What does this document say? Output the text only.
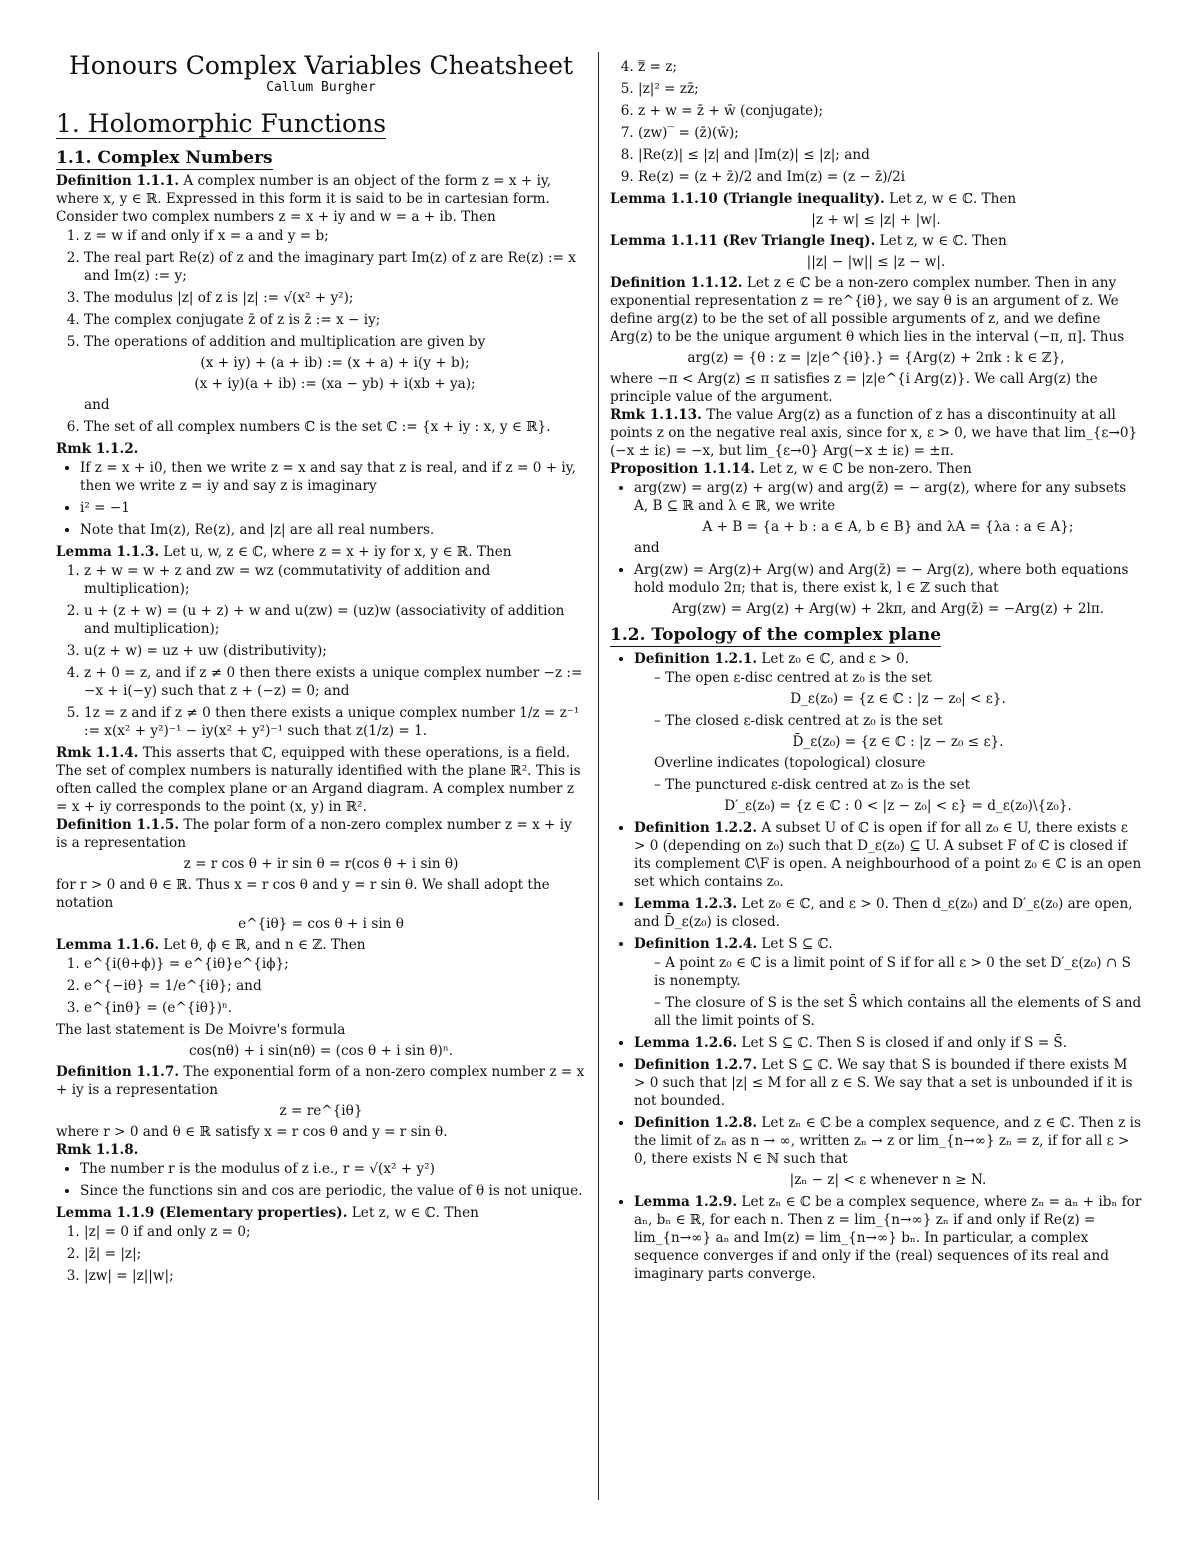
Honours Complex Variables Cheatsheet

Callum Burgher

1. Holomorphic Functions
1.1. Complex Numbers

Definition 1.1.1. A complex number is an object of the form z = x + iy, where x, y ∈ ℝ. Expressed in this form it is said to be in cartesian form. Consider two complex numbers z = x + iy and w = a + ib. Then

1. z = w if and only if x = a and y = b;
2. The real part Re(z) of z and the imaginary part Im(z) of z are Re(z) := x and Im(z) := y;
3. The modulus |z| of z is |z| := √(x² + y²);
4. The complex conjugate z̄ of z is z̄ := x − iy;
5. The operations of addition and multiplication are given by
(x + iy) + (a + ib) := (x + a) + i(y + b);
(x + iy)(a + ib) := (xa − yb) + i(xb + ya);
and
6. The set of all complex numbers ℂ is the set ℂ := {x + iy : x, y ∈ ℝ}.

Rmk 1.1.2.

• If z = x + i0, then we write z = x and say that z is real, and if z = 0 + iy, then we write z = iy and say z is imaginary
• i² = −1
• Note that Im(z), Re(z), and |z| are all real numbers.

Lemma 1.1.3. Let u, w, z ∈ ℂ, where z = x + iy for x, y ∈ ℝ. Then

1. z + w = w + z and zw = wz (commutativity of addition and multiplication);
2. u + (z + w) = (u + z) + w and u(zw) = (uz)w (associativity of addition and multiplication);
3. u(z + w) = uz + uw (distributivity);
4. z + 0 = z, and if z ≠ 0 then there exists a unique complex number −z := −x + i(−y) such that z + (−z) = 0; and
5. 1z = z and if z ≠ 0 then there exists a unique complex number 1/z = z⁻¹ := x(x² + y²)⁻¹ − iy(x² + y²)⁻¹ such that z(1/z) = 1.

Rmk 1.1.4. This asserts that ℂ, equipped with these operations, is a field. The set of complex numbers is naturally identified with the plane ℝ². This is often called the complex plane or an Argand diagram. A complex number z = x + iy corresponds to the point (x, y) in ℝ².

Definition 1.1.5. The polar form of a non-zero complex number z = x + iy is a representation

z = r cos θ + ir sin θ = r(cos θ + i sin θ)

for r > 0 and θ ∈ ℝ. Thus x = r cos θ and y = r sin θ. We shall adopt the notation

e^{iθ} = cos θ + i sin θ

Lemma 1.1.6. Let θ, ϕ ∈ ℝ, and n ∈ ℤ. Then

1. e^{i(θ+ϕ)} = e^{iθ}e^{iϕ};
2. e^{−iθ} = 1/e^{iθ}; and
3. e^{inθ} = (e^{iθ})ⁿ.

The last statement is De Moivre's formula

cos(nθ) + i sin(nθ) = (cos θ + i sin θ)ⁿ.

Definition 1.1.7. The exponential form of a non-zero complex number z = x + iy is a representation

z = re^{iθ}

where r > 0 and θ ∈ ℝ satisfy x = r cos θ and y = r sin θ.

Rmk 1.1.8.

• The number r is the modulus of z i.e., r = √(x² + y²)
• Since the functions sin and cos are periodic, the value of θ is not unique.

Lemma 1.1.9 (Elementary properties). Let z, w ∈ ℂ. Then

1. |z| = 0 if and only z = 0;
2. |z̄| = |z|;
3. |zw| = |z||w|;
4. z̿ = z;
5. |z|² = zz̄;
6. z + w = z̄ + w̄ (conjugate);
7. (zw)‾ = (z̄)(w̄);
8. |Re(z)| ≤ |z| and |Im(z)| ≤ |z|; and
9. Re(z) = (z + z̄)/2 and Im(z) = (z − z̄)/2i

Lemma 1.1.10 (Triangle inequality). Let z, w ∈ ℂ. Then

|z + w| ≤ |z| + |w|.

Lemma 1.1.11 (Rev Triangle Ineq). Let z, w ∈ ℂ. Then

||z| − |w|| ≤ |z − w|.

Definition 1.1.12. Let z ∈ ℂ be a non-zero complex number. Then in any exponential representation z = re^{iθ}, we say θ is an argument of z. We define arg(z) to be the set of all possible arguments of z, and we define Arg(z) to be the unique argument θ which lies in the interval (−π, π]. Thus

arg(z) = {θ : z = |z|e^{iθ}.} = {Arg(z) + 2πk : k ∈ ℤ},

where −π < Arg(z) ≤ π satisfies z = |z|e^{i Arg(z)}. We call Arg(z) the principle value of the argument.

Rmk 1.1.13. The value Arg(z) as a function of z has a discontinuity at all points z on the negative real axis, since for x, ε > 0, we have that lim_{ε→0}(−x ± iε) = −x, but lim_{ε→0} Arg(−x ± iε) = ±π.

Proposition 1.1.14. Let z, w ∈ ℂ be non-zero. Then

• arg(zw) = arg(z) + arg(w) and arg(z̄) = − arg(z), where for any subsets A, B ⊆ ℝ and λ ∈ ℝ, we write
A + B = {a + b : a ∈ A, b ∈ B} and λA = {λa : a ∈ A};
and
• Arg(zw) = Arg(z)+ Arg(w) and Arg(z̄) = − Arg(z), where both equations hold modulo 2π; that is, there exist k, l ∈ ℤ such that
Arg(zw) = Arg(z) + Arg(w) + 2kπ, and Arg(z̄) = −Arg(z) + 2lπ.
1.2. Topology of the complex plane
• Definition 1.2.1. Let z₀ ∈ ℂ, and ε > 0.
– The open ε-disc centred at z₀ is the set
D_ε(z₀) = {z ∈ ℂ : |z − z₀| < ε}.
– The closed ε-disk centred at z₀ is the set
D̄_ε(z₀) = {z ∈ ℂ : |z − z₀ ≤ ε}.
Overline indicates (topological) closure
– The punctured ε-disk centred at z₀ is the set
D′_ε(z₀) = {z ∈ ℂ : 0 < |z − z₀| < ε} = d_ε(z₀)\{z₀}.
• Definition 1.2.2. A subset U of ℂ is open if for all z₀ ∈ U, there exists ε > 0 (depending on z₀) such that D_ε(z₀) ⊆ U. A subset F of ℂ is closed if its complement ℂ\F is open. A neighbourhood of a point z₀ ∈ ℂ is an open set which contains z₀.
• Lemma 1.2.3. Let z₀ ∈ ℂ, and ε > 0. Then d_ε(z₀) and D′_ε(z₀) are open, and D̄_ε(z₀) is closed.
• Definition 1.2.4. Let S ⊆ ℂ.
– A point z₀ ∈ ℂ is a limit point of S if for all ε > 0 the set D′_ε(z₀) ∩ S is nonempty.
– The closure of S is the set S̄ which contains all the elements of S and all the limit points of S.
• Lemma 1.2.6. Let S ⊆ ℂ. Then S is closed if and only if S = S̄.
• Definition 1.2.7. Let S ⊆ ℂ. We say that S is bounded if there exists M > 0 such that |z| ≤ M for all z ∈ S. We say that a set is unbounded if it is not bounded.
• Definition 1.2.8. Let zₙ ∈ ℂ be a complex sequence, and z ∈ ℂ. Then z is the limit of zₙ as n → ∞, written zₙ → z or lim_{n→∞} zₙ = z, if for all ε > 0, there exists N ∈ ℕ such that
|zₙ − z| < ε whenever n ≥ N.
• Lemma 1.2.9. Let zₙ ∈ ℂ be a complex sequence, where zₙ = aₙ + ibₙ for aₙ, bₙ ∈ ℝ, for each n. Then z = lim_{n→∞} zₙ if and only if Re(z) = lim_{n→∞} aₙ and Im(z) = lim_{n→∞} bₙ. In particular, a complex sequence converges if and only if the (real) sequences of its real and imaginary parts converge.
